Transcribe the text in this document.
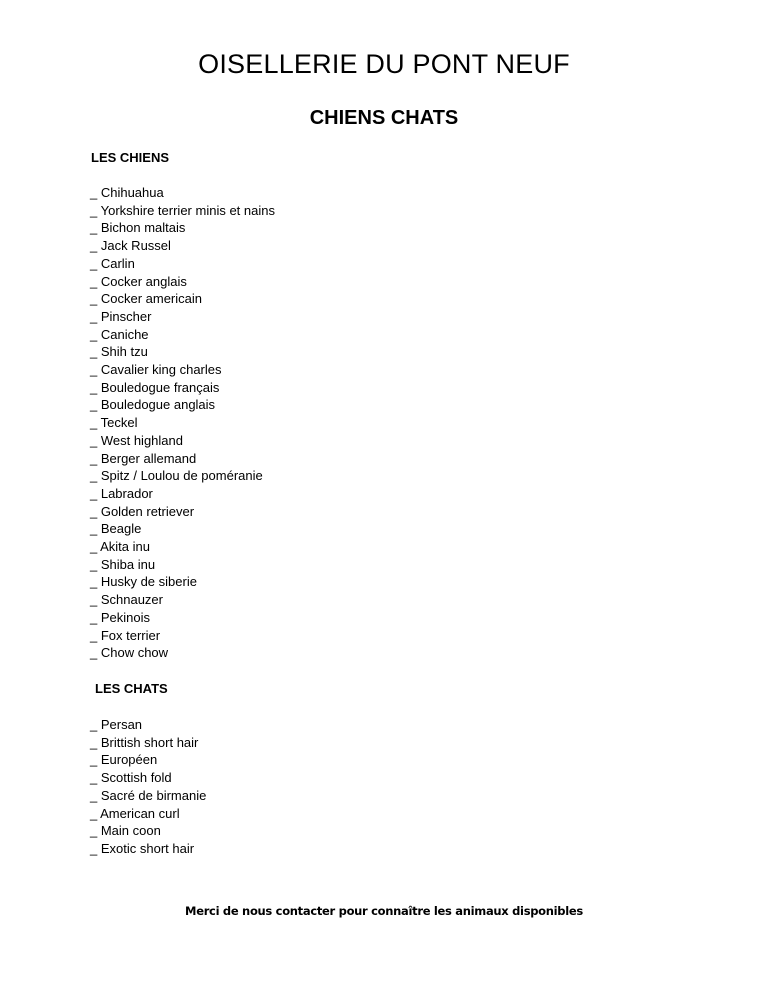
OISELLERIE DU PONT NEUF
CHIENS CHATS
LES CHIENS
_ Chihuahua
_ Yorkshire terrier minis et nains
_ Bichon maltais
_ Jack Russel
_ Carlin
_ Cocker anglais
_ Cocker americain
_ Pinscher
_ Caniche
_ Shih tzu
_ Cavalier king charles
_ Bouledogue français
_ Bouledogue anglais
_ Teckel
_ West highland
_ Berger allemand
_ Spitz / Loulou de poméranie
_ Labrador
_ Golden retriever
_ Beagle
_ Akita inu
_ Shiba inu
_ Husky de siberie
_ Schnauzer
_ Pekinois
_ Fox terrier
_ Chow chow
LES CHATS
_ Persan
_ Brittish short hair
_ Européen
_ Scottish fold
_ Sacré de birmanie
_ American curl
_ Main coon
_ Exotic short hair
Merci de nous contacter pour connaître les animaux disponibles
